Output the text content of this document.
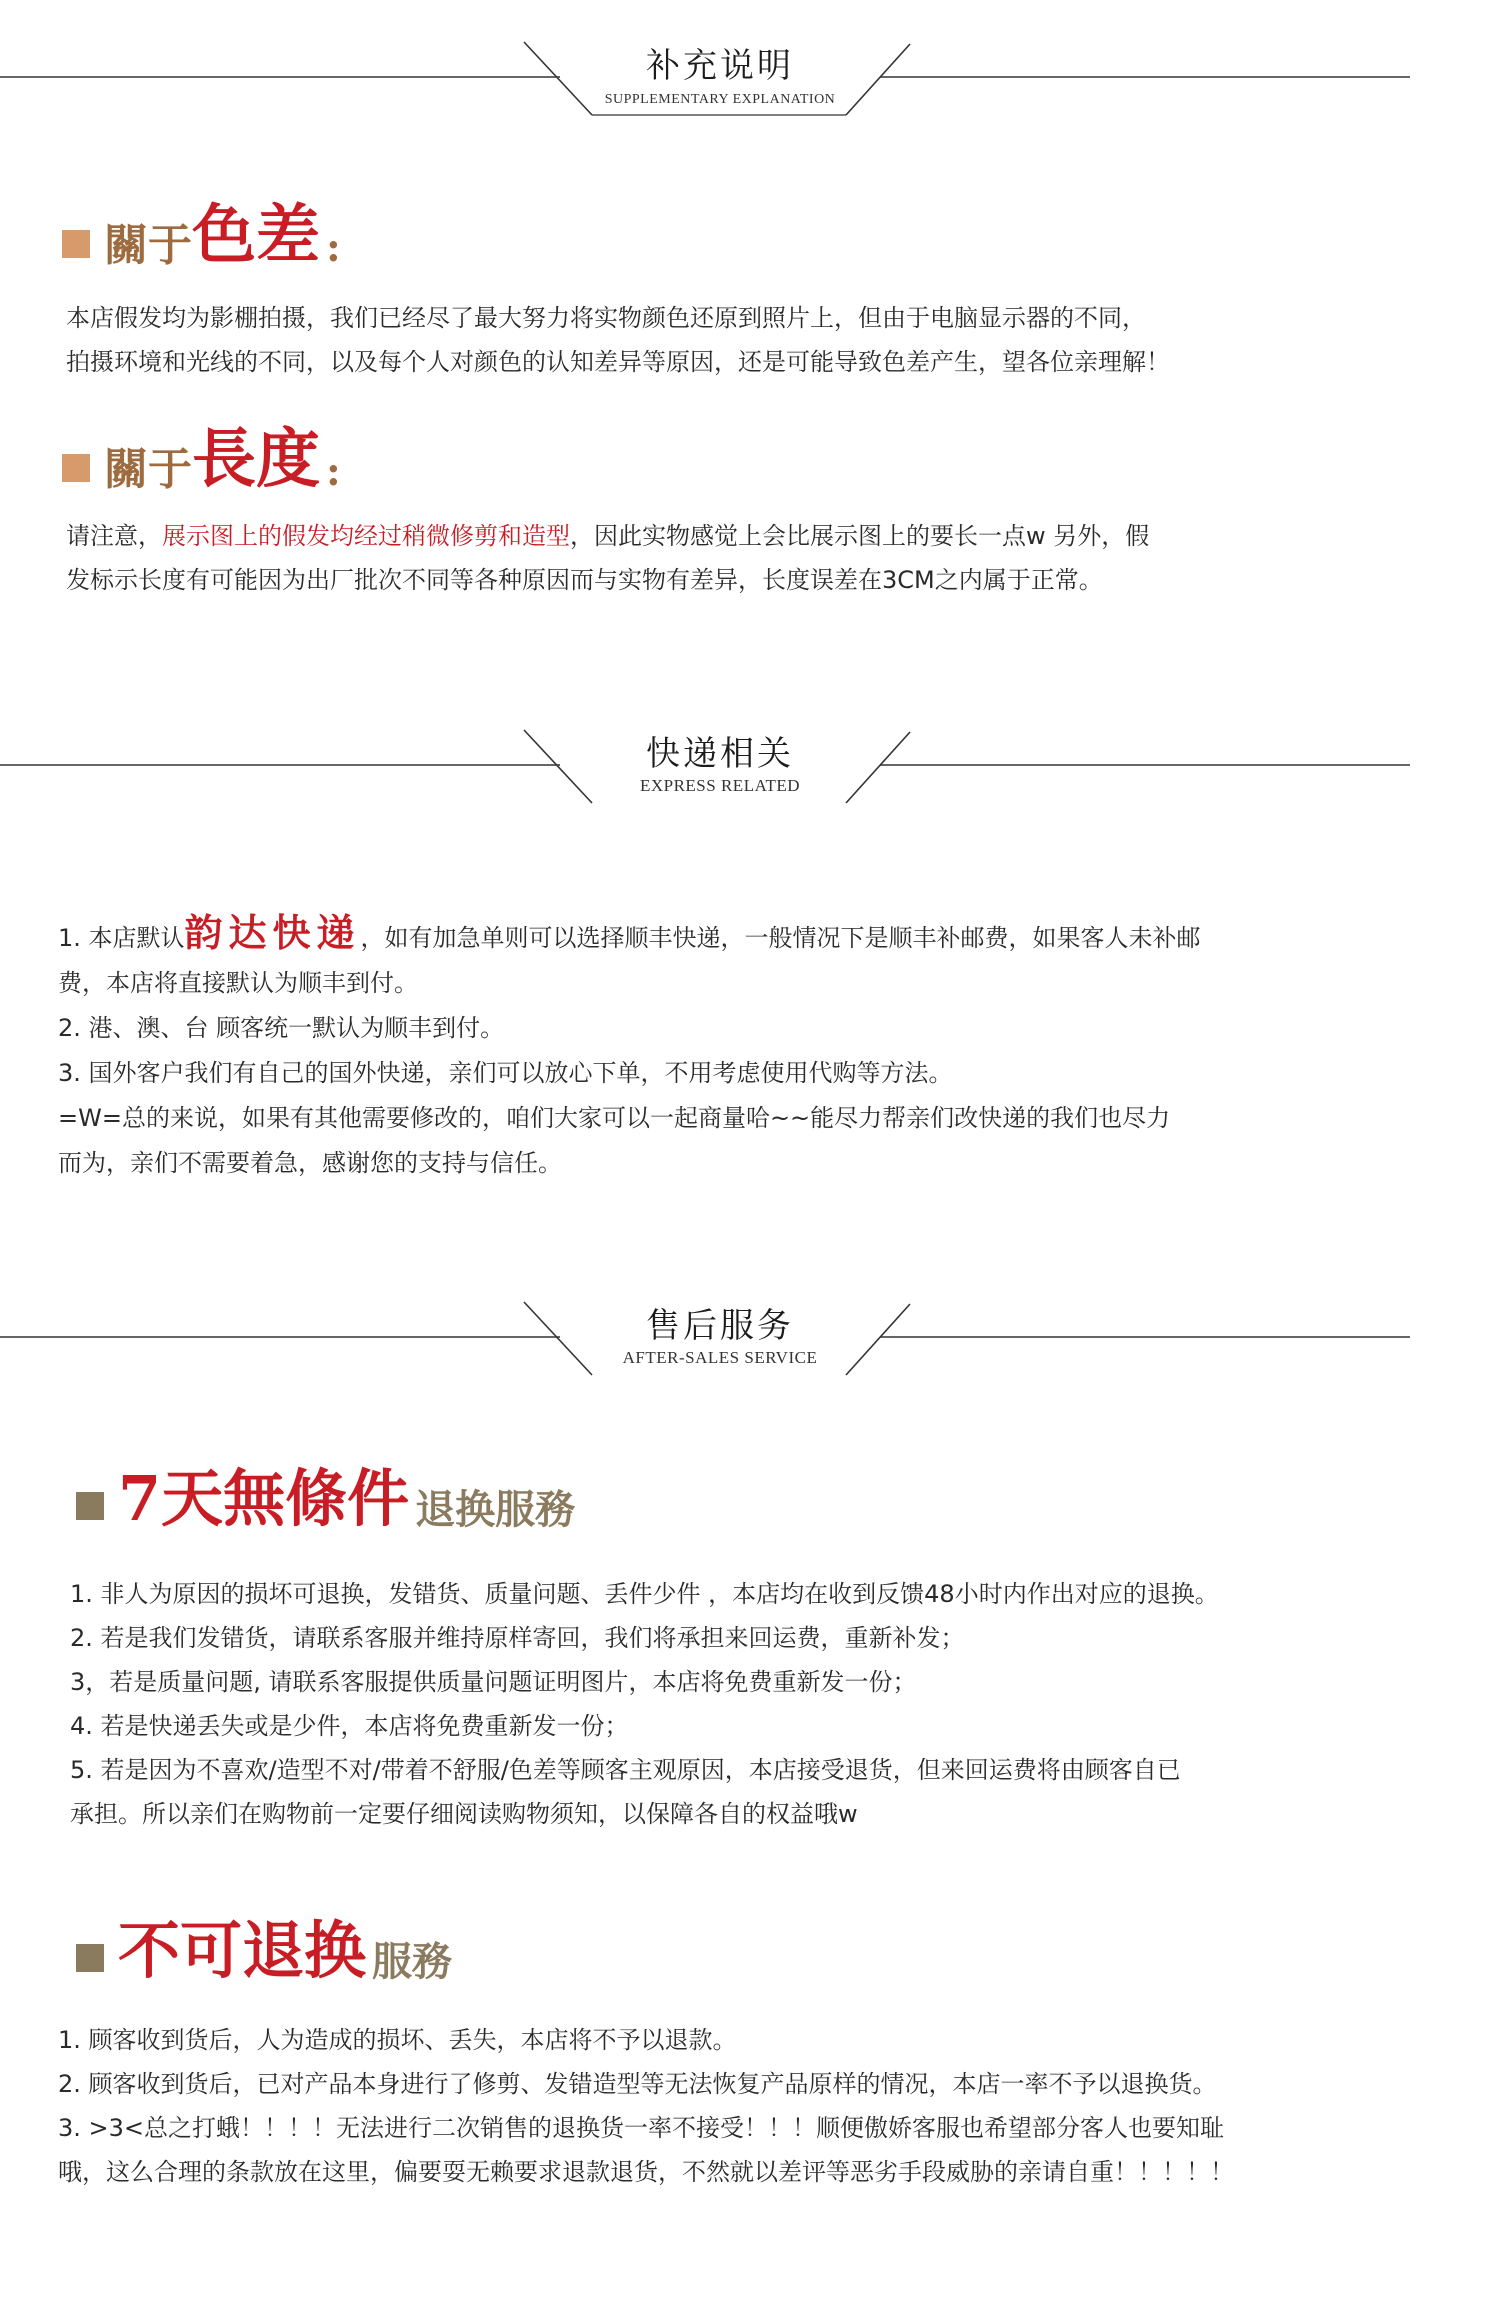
补充说明
SUPPLEMENTARY EXPLANATION
關于 色差 :
本店假发均为影棚拍摄，我们已经尽了最大努力将实物颜色还原到照片上，但由于电脑显示器的不同，
拍摄环境和光线的不同，以及每个人对颜色的认知差异等原因，还是可能导致色差产生，望各位亲理解！
關于 長度 :
请注意，展示图上的假发均经过稍微修剪和造型，因此实物感觉上会比展示图上的要长一点w 另外，假
发标示长度有可能因为出厂批次不同等各种原因而与实物有差异，长度误差在3CM之内属于正常。
快递相关
EXPRESS RELATED
1. 本店默认韵达快递，如有加急单则可以选择顺丰快递，一般情况下是顺丰补邮费，如果客人未补邮
费，本店将直接默认为顺丰到付。
2. 港、澳、台 顾客统一默认为顺丰到付。
3. 国外客户我们有自己的国外快递，亲们可以放心下单，不用考虑使用代购等方法。
=W=总的来说，如果有其他需要修改的，咱们大家可以一起商量哈~~能尽力帮亲们改快递的我们也尽力
而为，亲们不需要着急，感谢您的支持与信任。
售后服务
AFTER-SALES SERVICE
7天無條件 退换服務
1. 非人为原因的损坏可退换，发错货、质量问题、丢件少件 ，本店均在收到反馈48小时内作出对应的退换。
2. 若是我们发错货，请联系客服并维持原样寄回，我们将承担来回运费，重新补发；
3，若是质量问题, 请联系客服提供质量问题证明图片，本店将免费重新发一份；
4. 若是快递丢失或是少件，本店将免费重新发一份；
5. 若是因为不喜欢/造型不对/带着不舒服/色差等顾客主观原因，本店接受退货，但来回运费将由顾客自已
承担。所以亲们在购物前一定要仔细阅读购物须知，以保障各自的权益哦w
不可退换 服務
1. 顾客收到货后，人为造成的损坏、丢失，本店将不予以退款。
2. 顾客收到货后，已对产品本身进行了修剪、发错造型等无法恢复产品原样的情况，本店一率不予以退换货。
3. >3<总之打蛾！！！！无法进行二次销售的退换货一率不接受！！！顺便傲娇客服也希望部分客人也要知耻
哦，这么合理的条款放在这里，偏要耍无赖要求退款退货，不然就以差评等恶劣手段威胁的亲请自重！！！！！
